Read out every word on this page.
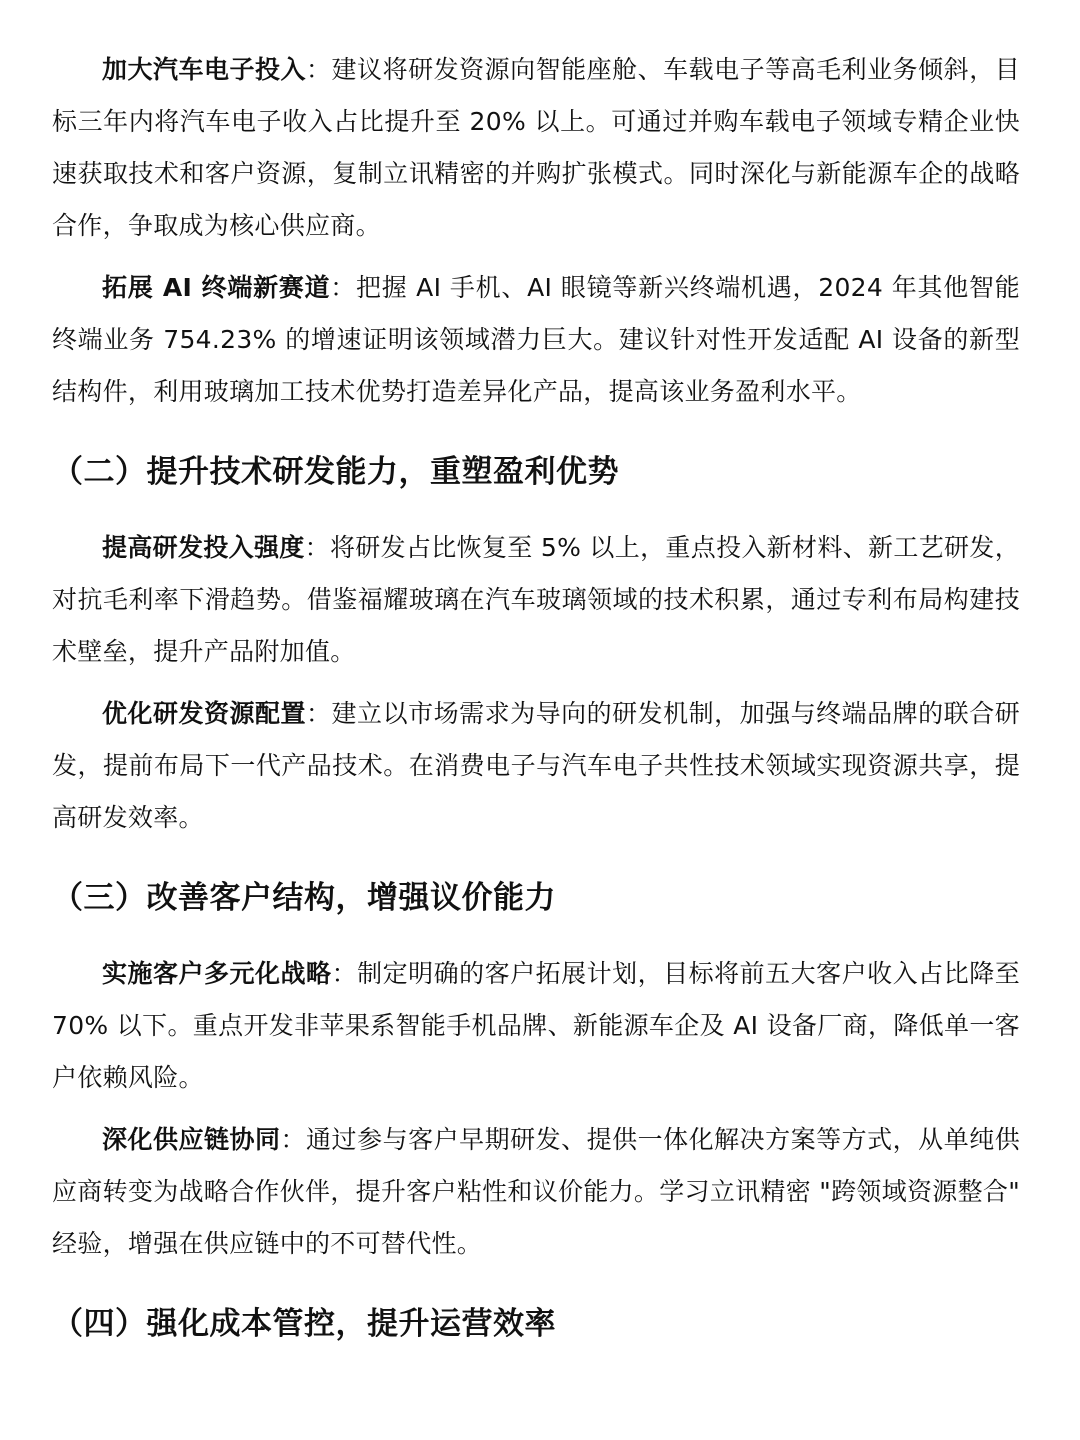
加大汽车电子投入：建议将研发资源向智能座舱、车载电子等高毛利业务倾斜，目标三年内将汽车电子收入占比提升至 20% 以上。可通过并购车载电子领域专精企业快速获取技术和客户资源，复制立讯精密的并购扩张模式。同时深化与新能源车企的战略合作，争取成为核心供应商。

拓展 AI 终端新赛道：把握 AI 手机、AI 眼镜等新兴终端机遇，2024 年其他智能终端业务 754.23% 的增速证明该领域潜力巨大。建议针对性开发适配 AI 设备的新型结构件，利用玻璃加工技术优势打造差异化产品，提高该业务盈利水平。

（二）提升技术研发能力，重塑盈利优势

提高研发投入强度：将研发占比恢复至 5% 以上，重点投入新材料、新工艺研发，对抗毛利率下滑趋势。借鉴福耀玻璃在汽车玻璃领域的技术积累，通过专利布局构建技术壁垒，提升产品附加值。

优化研发资源配置：建立以市场需求为导向的研发机制，加强与终端品牌的联合研发，提前布局下一代产品技术。在消费电子与汽车电子共性技术领域实现资源共享，提高研发效率。

（三）改善客户结构，增强议价能力

实施客户多元化战略：制定明确的客户拓展计划，目标将前五大客户收入占比降至 70% 以下。重点开发非苹果系智能手机品牌、新能源车企及 AI 设备厂商，降低单一客户依赖风险。

深化供应链协同：通过参与客户早期研发、提供一体化解决方案等方式，从单纯供应商转变为战略合作伙伴，提升客户粘性和议价能力。学习立讯精密 "跨领域资源整合" 经验，增强在供应链中的不可替代性。

（四）强化成本管控，提升运营效率
